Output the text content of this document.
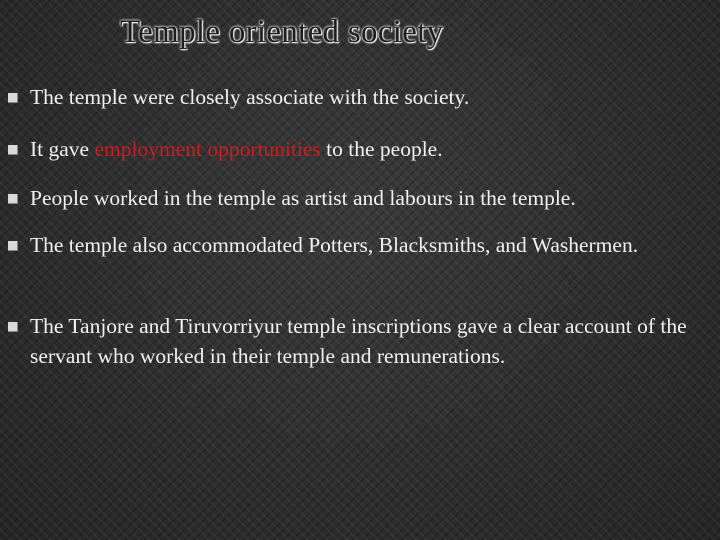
Temple oriented society
The temple were closely associate with the society.
It gave employment opportunities to the people.
People worked in the temple as artist and labours in the temple.
The temple also accommodated Potters, Blacksmiths, and Washermen.
The Tanjore and Tiruvorriyur temple inscriptions gave a clear account of the servant who worked in their temple and remunerations.
